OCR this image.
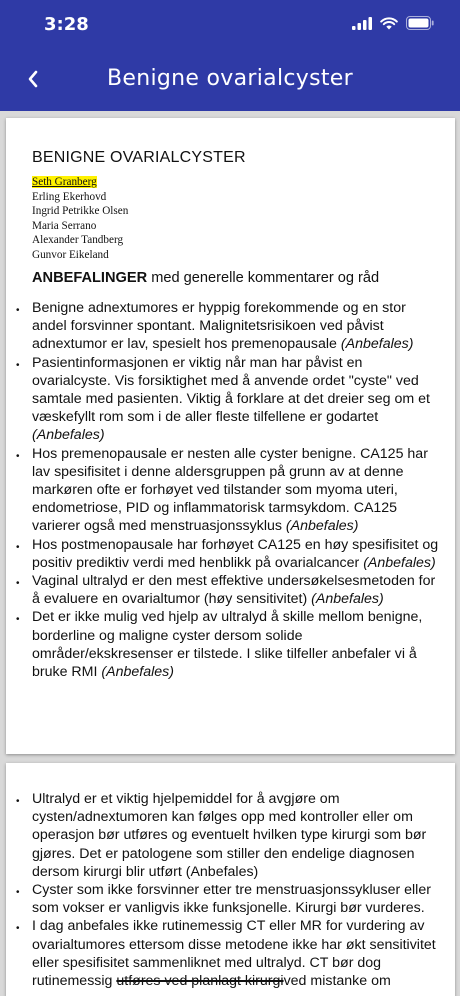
3:28
Benigne ovarialcyster
BENIGNE OVARIALCYSTER
Seth Granberg
Erling Ekerhovd
Ingrid Petrikke Olsen
Maria Serrano
Alexander Tandberg
Gunvor Eikeland
ANBEFALINGER med generelle kommentarer og råd
• Benigne adnextumores er hyppig forekommende og en stor andel forsvinner spontant. Malignitetsrisikoen ved påvist adnextumor er lav, spesielt hos premenopausale (Anbefales)
• Pasientinformasjonen er viktig når man har påvist en ovarialcyste. Vis forsiktighet med å anvende ordet "cyste" ved samtale med pasienten. Viktig å forklare at det dreier seg om et væskefyllt rom som i de aller fleste tilfellene er godartet (Anbefales)
• Hos premenopausale er nesten alle cyster benigne. CA125 har lav spesifisitet i denne aldersgruppen på grunn av at denne markøren ofte er forhøyet ved tilstander som myoma uteri, endometriose, PID og inflammatorisk tarmsykdom. CA125 varierer også med menstruasjonssyklus (Anbefales)
• Hos postmenopausale har forhøyet CA125 en høy spesifisitet og positiv prediktiv verdi med henblikk på ovarialcancer (Anbefales)
• Vaginal ultralyd er den mest effektive undersøkelsesmetoden for å evaluere en ovarialtumor (høy sensitivitet) (Anbefales)
• Det er ikke mulig ved hjelp av ultralyd å skille mellom benigne, borderline og maligne cyster dersom solide områder/ekskresenser er tilstede. I slike tilfeller anbefaler vi å bruke RMI (Anbefales)
• Ultralyd er et viktig hjelpemiddel for å avgjøre om cysten/adnextumoren kan følges opp med kontroller eller om operasjon bør utføres og eventuelt hvilken type kirurgi som bør gjøres. Det er patologene som stiller den endelige diagnosen dersom kirurgi blir utført (Anbefales)
• Cyster som ikke forsvinner etter tre menstruasjonssykluser eller som vokser er vanligvis ikke funksjonelle. Kirurgi bør vurderes.
• I dag anbefales ikke rutinemessig CT eller MR for vurdering av ovarialtumores ettersom disse metodene ikke har økt sensitivitet eller spesifisitet sammenliknet med ultralyd. CT bør dog rutinemessig utføres ved planlagt kirurgived mistanke om
